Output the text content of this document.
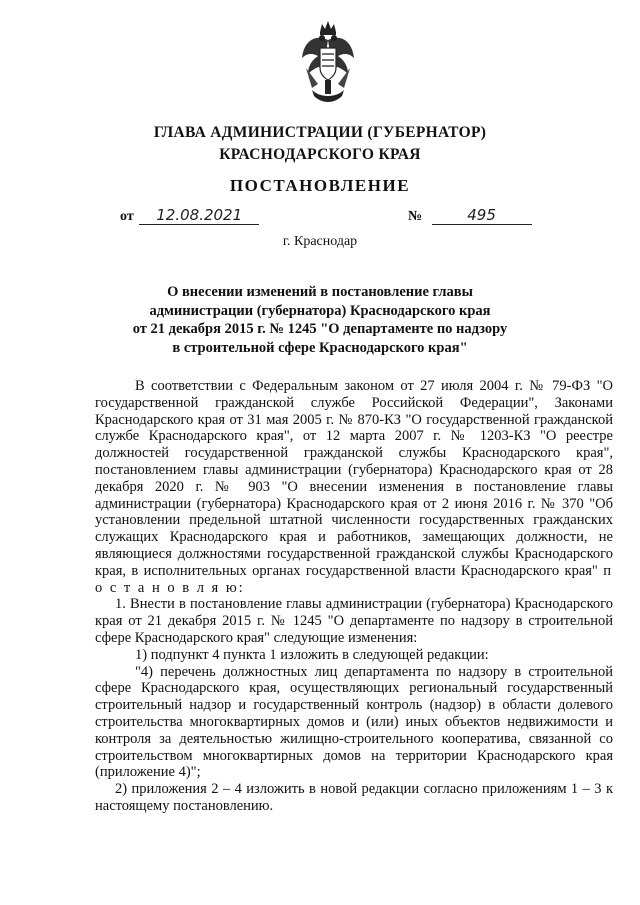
ГЛАВА АДМИНИСТРАЦИИ (ГУБЕРНАТОР)
КРАСНОДАРСКОГО КРАЯ
ПОСТАНОВЛЕНИЕ
от 12.08.2021	№	495
г. Краснодар
О внесении изменений в постановление главы
администрации (губернатора) Краснодарского края
от 21 декабря 2015 г. № 1245 "О департаменте по надзору
в строительной сфере Краснодарского края"

В соответствии с Федеральным законом от 27 июля 2004 г. № 79-ФЗ "О государственной гражданской службе Российской Федерации", Законами Краснодарского края от 31 мая 2005 г. № 870-КЗ "О государственной гражданской службе Краснодарского края", от 12 марта 2007 г. № 1203-КЗ "О реестре должностей государственной гражданской службы Краснодарского края", постановлением главы администрации (губернатора) Краснодарского края от 28 декабря 2020 г. № 903 "О внесении изменения в постановление главы администрации (губернатора) Краснодарского края от 2 июня 2016 г. № 370 "Об установлении предельной штатной численности государственных гражданских служащих Краснодарского края и работников, замещающих должности, не являющиеся должностями государственной гражданской службы Краснодарского края, в исполнительных органах государственной власти Краснодарского края" п о с т а н о в л я ю:

1. Внести в постановление главы администрации (губернатора) Краснодарского края от 21 декабря 2015 г. № 1245 "О департаменте по надзору в строительной сфере Краснодарского края" следующие изменения:

1) подпункт 4 пункта 1 изложить в следующей редакции:

"4) перечень должностных лиц департамента по надзору в строительной сфере Краснодарского края, осуществляющих региональный государственный строительный надзор и государственный контроль (надзор) в области долевого строительства многоквартирных домов и (или) иных объектов недвижимости и контроля за деятельностью жилищно-строительного кооператива, связанной со строительством многоквартирных домов на территории Краснодарского края (приложение 4)";

2) приложения 2 – 4 изложить в новой редакции согласно приложениям 1 – 3 к настоящему постановлению.
